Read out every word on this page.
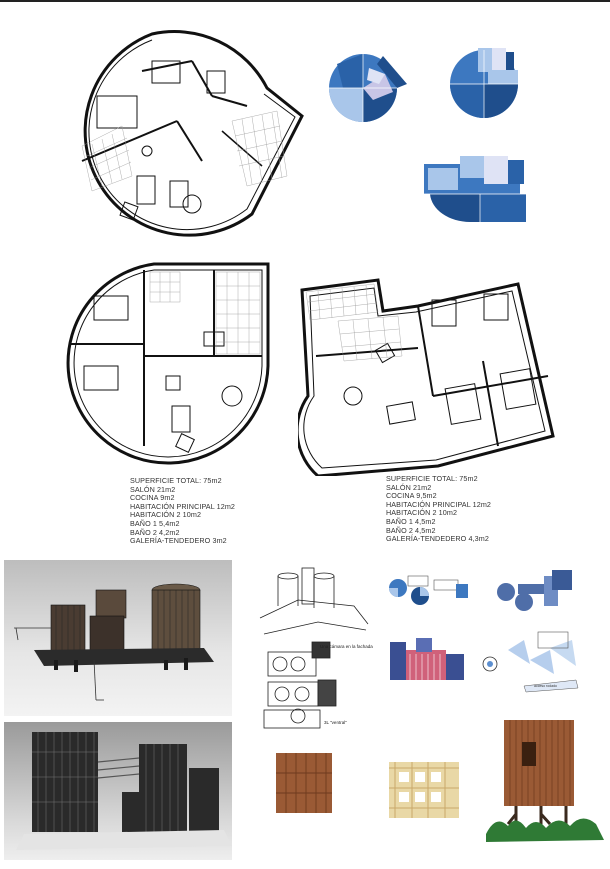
SUPERFICIE TOTAL: 75m2
SALÓN 21m2
COCINA 9m2
HABITACIÓN PRINCIPAL 12m2
HABITACIÓN 2 10m2
BAÑO 1 5,4m2
BAÑO 2 4,2m2
GALERÍA-TENDEDERO 3m2
SUPERFICIE TOTAL: 75m2
SALÓN 21m2
COCINA 9,5m2
HABITACIÓN PRINCIPAL 12m2
HABITACIÓN 2 10m2
BAÑO 1 4,5m2
BAÑO 2 4,5m2
GALERÍA-TENDEDERO 4,3m2
Una cámara en la fachada
3L "ventral"
acceso rodado
